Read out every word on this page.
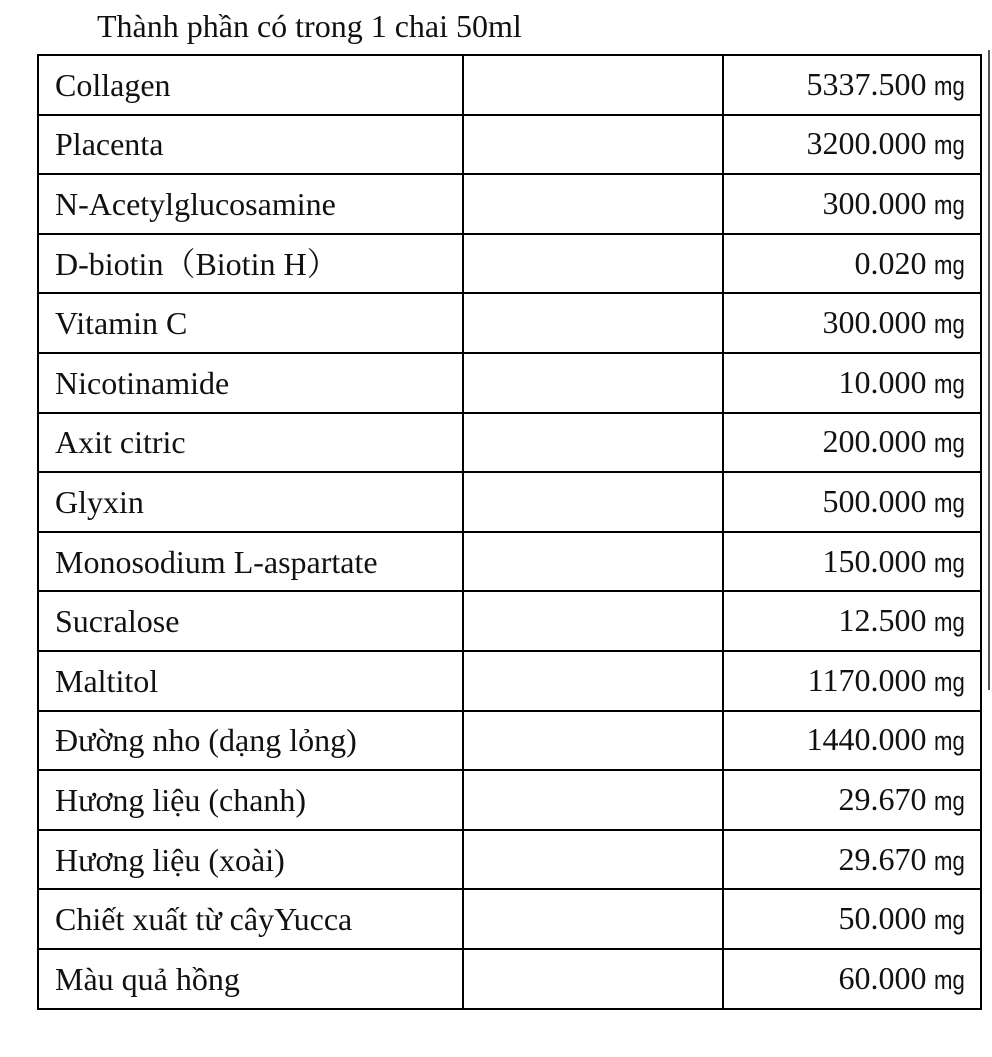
Thành phần có trong 1 chai 50ml
Collagen		5337.500 mg
Placenta		3200.000 mg
N-Acetylglucosamine		300.000 mg
D-biotin（Biotin H）		0.020 mg
Vitamin C		300.000 mg
Nicotinamide		10.000 mg
Axit citric		200.000 mg
Glyxin		500.000 mg
Monosodium L-aspartate		150.000 mg
Sucralose		12.500 mg
Maltitol		1170.000 mg
Đường nho (dạng lỏng)		1440.000 mg
Hương liệu (chanh)		29.670 mg
Hương liệu (xoài)		29.670 mg
Chiết xuất từ câyYucca		50.000 mg
Màu quả hồng		60.000 mg
